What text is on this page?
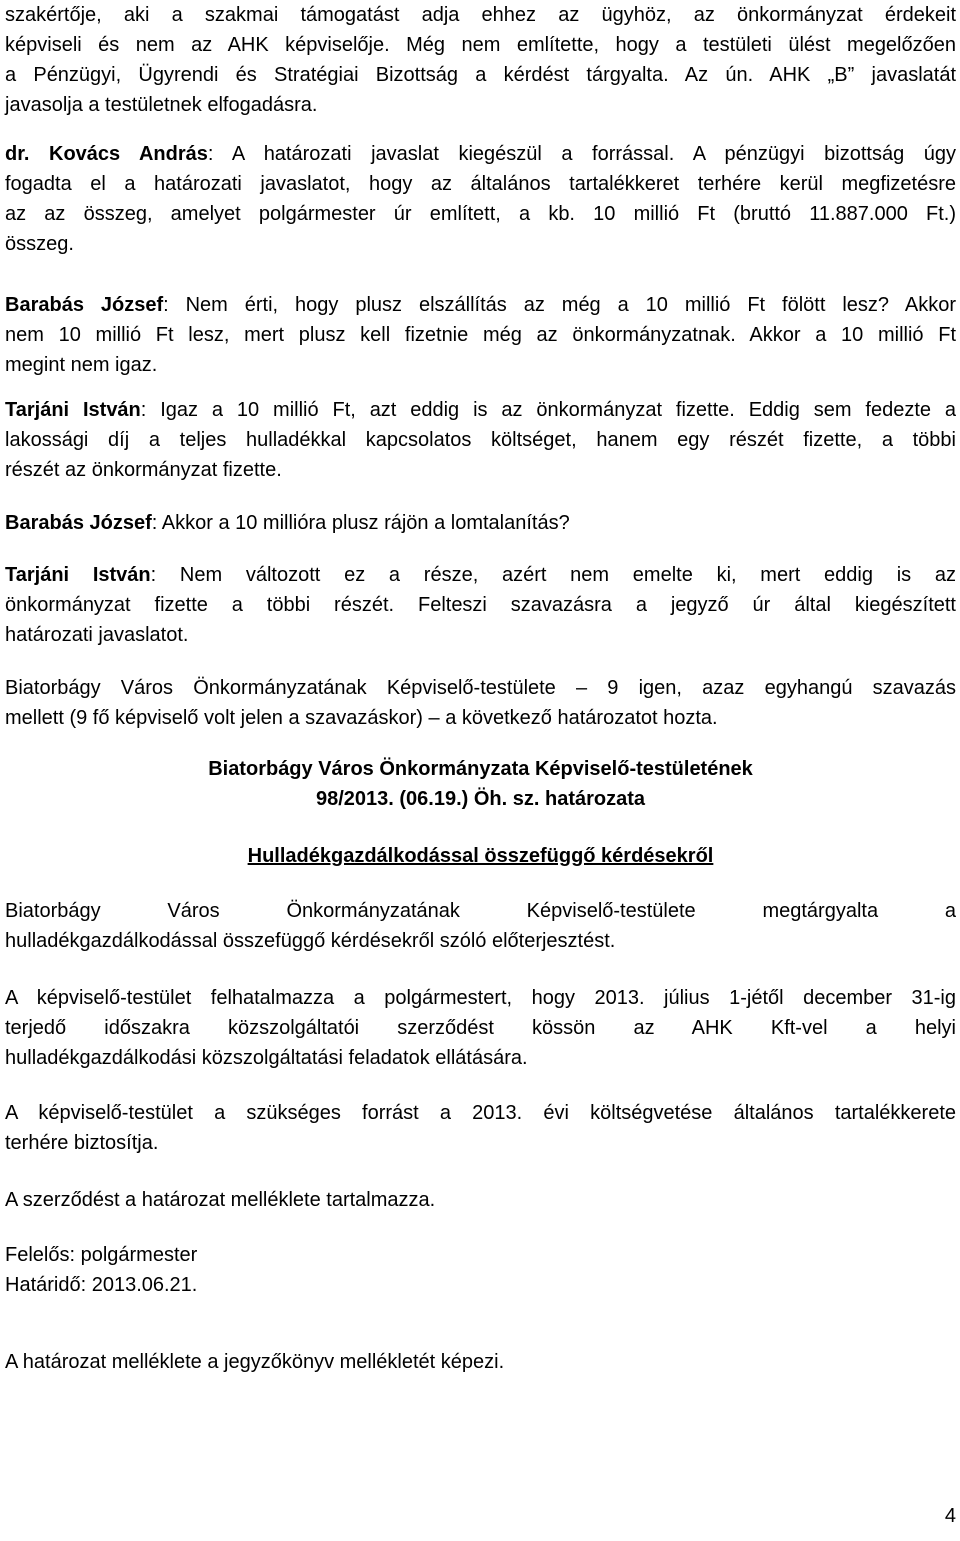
szakértője, aki a szakmai támogatást adja ehhez az ügyhöz, az önkormányzat érdekeit
képviseli és nem az AHK képviselője. Még nem említette, hogy a testületi ülést megelőzően
a Pénzügyi, Ügyrendi és Stratégiai Bizottság a kérdést tárgyalta. Az ún. AHK „B” javaslatát
javasolja a testületnek elfogadásra.
dr. Kovács András: A határozati javaslat kiegészül a forrással. A pénzügyi bizottság úgy
fogadta el a határozati javaslatot, hogy az általános tartalékkeret terhére kerül megfizetésre
az az összeg, amelyet polgármester úr említett, a kb. 10 millió Ft (bruttó 11.887.000 Ft.)
összeg.
Barabás József: Nem érti, hogy plusz elszállítás az még a 10 millió Ft fölött lesz? Akkor
nem 10 millió Ft lesz, mert plusz kell fizetnie még az önkormányzatnak. Akkor a 10 millió Ft
megint nem igaz.
Tarjáni István: Igaz a 10 millió Ft, azt eddig is az önkormányzat fizette. Eddig sem fedezte a
lakossági díj a teljes hulladékkal kapcsolatos költséget, hanem egy részét fizette, a többi
részét az önkormányzat fizette.
Barabás József: Akkor a 10 millióra plusz rájön a lomtalanítás?
Tarjáni István: Nem változott ez a része, azért nem emelte ki, mert eddig is az
önkormányzat fizette a többi részét. Felteszi szavazásra a jegyző úr által kiegészített
határozati javaslatot.
Biatorbágy Város Önkormányzatának Képviselő-testülete – 9 igen, azaz egyhangú szavazás
mellett (9 fő képviselő volt jelen a szavazáskor) – a következő határozatot hozta.
Biatorbágy Város Önkormányzata Képviselő-testületének
98/2013. (06.19.) Öh. sz. határozata
Hulladékgazdálkodással összefüggő kérdésekről
Biatorbágy Város Önkormányzatának Képviselő-testülete megtárgyalta a
hulladékgazdálkodással összefüggő kérdésekről szóló előterjesztést.
A képviselő-testület felhatalmazza a polgármestert, hogy 2013. július 1-jétől december 31-ig
terjedő időszakra közszolgáltatói szerződést kössön az AHK Kft-vel a helyi
hulladékgazdálkodási közszolgáltatási feladatok ellátására.
A képviselő-testület a szükséges forrást a 2013. évi költségvetése általános tartalékkerete
terhére biztosítja.
A szerződést a határozat melléklete tartalmazza.
Felelős: polgármester
Határidő: 2013.06.21.
A határozat melléklete a jegyzőkönyv mellékletét képezi.
4
